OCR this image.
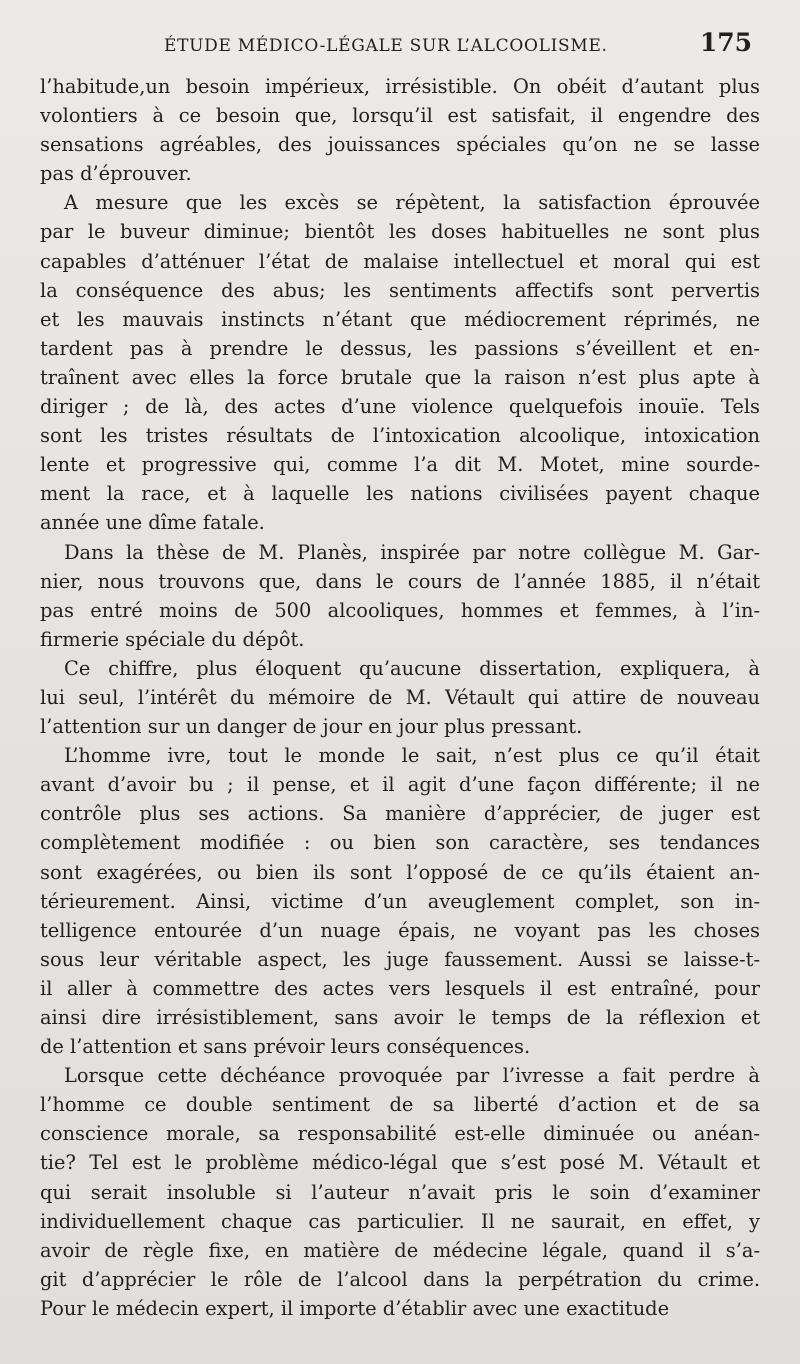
ÉTUDE MÉDICO-LÉGALE SUR L’ALCOOLISME.	175
l’habitude,un besoin impérieux, irrésistible. On obéit d’autant plus
volontiers à ce besoin que, lorsqu’il est satisfait, il engendre des
sensations agréables, des jouissances spéciales qu’on ne se lasse
pas d’éprouver.
A mesure que les excès se répètent, la satisfaction éprouvée
par le buveur diminue; bientôt les doses habituelles ne sont plus
capables d’atténuer l’état de malaise intellectuel et moral qui est
la conséquence des abus; les sentiments affectifs sont pervertis
et les mauvais instincts n’étant que médiocrement réprimés, ne
tardent pas à prendre le dessus, les passions s’éveillent et en-
traînent avec elles la force brutale que la raison n’est plus apte à
diriger ; de là, des actes d’une violence quelquefois inouïe. Tels
sont les tristes résultats de l’intoxication alcoolique, intoxication
lente et progressive qui, comme l’a dit M. Motet, mine sourde-
ment la race, et à laquelle les nations civilisées payent chaque
année une dîme fatale.
Dans la thèse de M. Planès, inspirée par notre collègue M. Gar-
nier, nous trouvons que, dans le cours de l’année 1885, il n’était
pas entré moins de 500 alcooliques, hommes et femmes, à l’in-
firmerie spéciale du dépôt.
Ce chiffre, plus éloquent qu’aucune dissertation, expliquera, à
lui seul, l’intérêt du mémoire de M. Vétault qui attire de nouveau
l’attention sur un danger de jour en jour plus pressant.
L’homme ivre, tout le monde le sait, n’est plus ce qu’il était
avant d’avoir bu ; il pense, et il agit d’une façon différente; il ne
contrôle plus ses actions. Sa manière d’apprécier, de juger est
complètement modifiée : ou bien son caractère, ses tendances
sont exagérées, ou bien ils sont l’opposé de ce qu’ils étaient an-
térieurement. Ainsi, victime d’un aveuglement complet, son in-
telligence entourée d’un nuage épais, ne voyant pas les choses
sous leur véritable aspect, les juge faussement. Aussi se laisse-t-
il aller à commettre des actes vers lesquels il est entraîné, pour
ainsi dire irrésistiblement, sans avoir le temps de la réflexion et
de l’attention et sans prévoir leurs conséquences.
Lorsque cette déchéance provoquée par l’ivresse a fait perdre à
l’homme ce double sentiment de sa liberté d’action et de sa
conscience morale, sa responsabilité est-elle diminuée ou anéan-
tie? Tel est le problème médico-légal que s’est posé M. Vétault et
qui serait insoluble si l’auteur n’avait pris le soin d’examiner
individuellement chaque cas particulier. Il ne saurait, en effet, y
avoir de règle fixe, en matière de médecine légale, quand il s’a-
git d’apprécier le rôle de l’alcool dans la perpétration du crime.
Pour le médecin expert, il importe d’établir avec une exactitude
